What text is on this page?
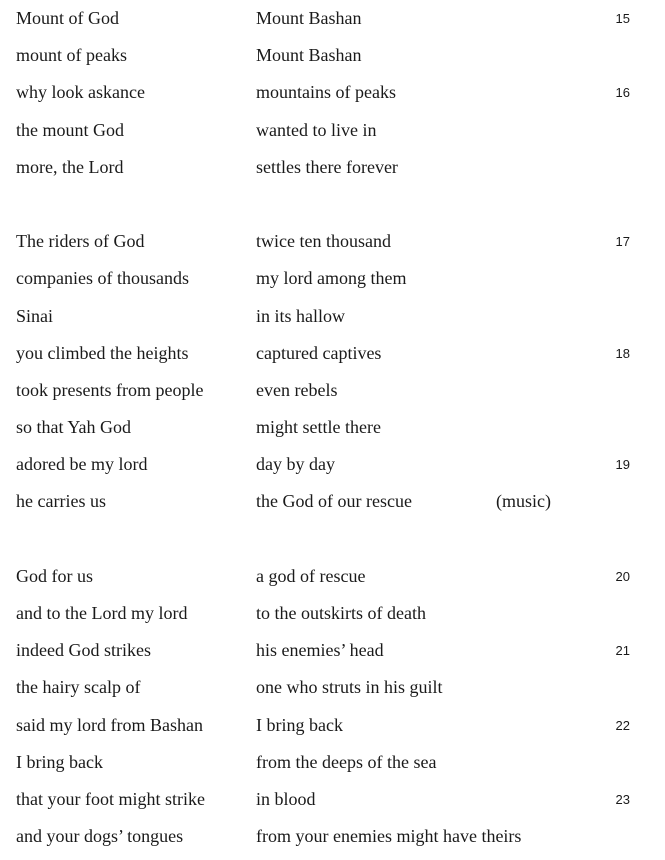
Mount of God	Mount Bashan	15
mount of peaks	Mount Bashan
why look askance	mountains of peaks	16
the mount God	wanted to live in
more, the Lord	settles there forever
The riders of God	twice ten thousand	17
companies of thousands	my lord among them
Sinai	in its hallow
you climbed the heights	captured captives	18
took presents from people	even rebels
so that Yah God	might settle there
adored be my lord	day by day	19
he carries us	the God of our rescue	(music)
God for us	a god of rescue	20
and to the Lord my lord	to the outskirts of death
indeed God strikes	his enemies’ head	21
the hairy scalp of	one who struts in his guilt
said my lord from Bashan	I bring back	22
I bring back	from the deeps of the sea
that your foot might strike	in blood	23
and your dogs’ tongues	from your enemies might have theirs
